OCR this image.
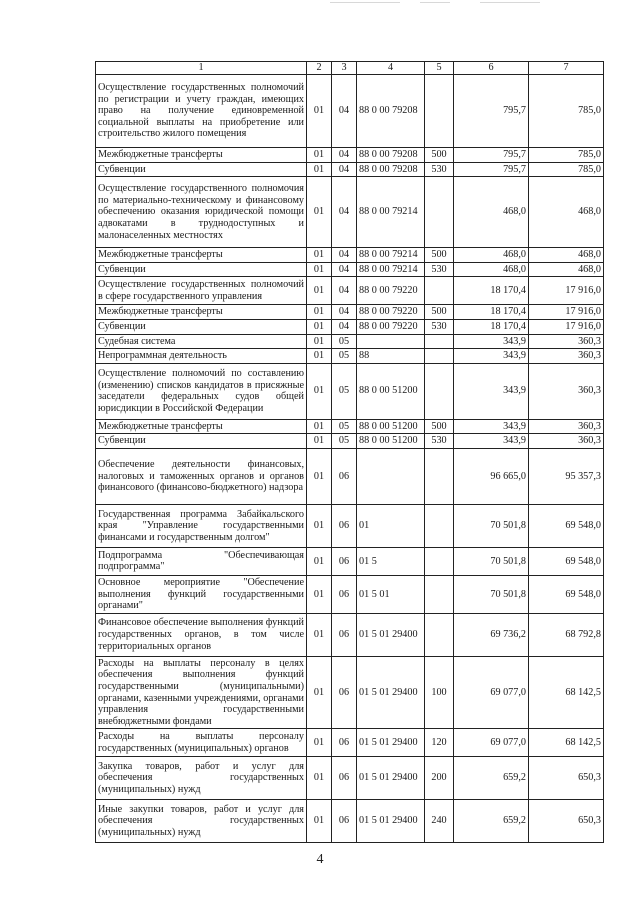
1	2	3	4	5	6	7
Осуществление государственных полномочий по регистрации и учету граждан, имеющих право на получение единовременной социальной выплаты на приобретение или строительство жилого помещения	01	04	88 0 00 79208		795,7	785,0
Межбюджетные трансферты	01	04	88 0 00 79208	500	795,7	785,0
Субвенции	01	04	88 0 00 79208	530	795,7	785,0
Осуществление государственного полномочия по материально-техническому и финансовому обеспечению оказания юридической помощи адвокатами в труднодоступных и малонаселенных местностях	01	04	88 0 00 79214		468,0	468,0
Межбюджетные трансферты	01	04	88 0 00 79214	500	468,0	468,0
Субвенции	01	04	88 0 00 79214	530	468,0	468,0
Осуществление государственных полномочий в сфере государственного управления	01	04	88 0 00 79220		18 170,4	17 916,0
Межбюджетные трансферты	01	04	88 0 00 79220	500	18 170,4	17 916,0
Субвенции	01	04	88 0 00 79220	530	18 170,4	17 916,0
Судебная система	01	05			343,9	360,3
Непрограммная деятельность	01	05	88		343,9	360,3
Осуществление полномочий по составлению (изменению) списков кандидатов в присяжные заседатели федеральных судов общей юрисдикции в Российской Федерации	01	05	88 0 00 51200		343,9	360,3
Межбюджетные трансферты	01	05	88 0 00 51200	500	343,9	360,3
Субвенции	01	05	88 0 00 51200	530	343,9	360,3
Обеспечение деятельности финансовых, налоговых и таможенных органов и органов финансового (финансово-бюджетного) надзора	01	06			96 665,0	95 357,3
Государственная программа Забайкальского края "Управление государственными финансами и государственным долгом"	01	06	01		70 501,8	69 548,0
Подпрограмма "Обеспечивающая подпрограмма"	01	06	01 5		70 501,8	69 548,0
Основное мероприятие "Обеспечение выполнения функций государственными органами"	01	06	01 5 01		70 501,8	69 548,0
Финансовое обеспечение выполнения функций государственных органов, в том числе территориальных органов	01	06	01 5 01 29400		69 736,2	68 792,8
Расходы на выплаты персоналу в целях обеспечения выполнения функций государственными (муниципальными) органами, казенными учреждениями, органами управления государственными внебюджетными фондами	01	06	01 5 01 29400	100	69 077,0	68 142,5
Расходы на выплаты персоналу государственных (муниципальных) органов	01	06	01 5 01 29400	120	69 077,0	68 142,5
Закупка товаров, работ и услуг для обеспечения государственных (муниципальных) нужд	01	06	01 5 01 29400	200	659,2	650,3
Иные закупки товаров, работ и услуг для обеспечения государственных (муниципальных) нужд	01	06	01 5 01 29400	240	659,2	650,3
4
